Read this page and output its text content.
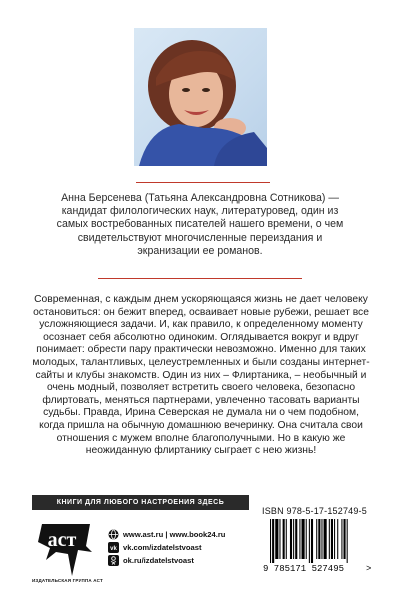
Анна Берсенева (Татьяна Александровна Сотникова) — кандидат филологических наук, литературовед, один из самых востребованных писателей нашего времени, о чем свидетельствуют многочисленные переиздания и экранизации ее романов.
Современная, с каждым днем ускоряющаяся жизнь не дает человеку остановиться: он бежит вперед, осваивает новые рубежи, решает все усложняющиеся задачи. И, как правило, к определенному моменту осознает себя абсолютно одиноким. Оглядывается вокруг и вдруг понимает: обрести пару практически невозможно. Именно для таких молодых, талантливых, целеустремленных и были созданы интернет-сайты и клубы знакомств. Один из них – Флиртаника, – необычный и очень модный, позволяет встретить своего человека, безопасно флиртовать, меняться партнерами, увлеченно тасовать варианты судьбы. Правда, Ирина Северская не думала ни о чем подобном, когда пришла на обычную домашнюю вечеринку. Она считала свои отношения с мужем вполне благополучными. Но в какую же неожиданную флиртанику сыграет с нею жизнь!
КНИГИ ДЛЯ ЛЮБОГО НАСТРОЕНИЯ ЗДЕСЬ
ISBN 978-5-17-152749-5
9 785171 527495 >
аст
ИЗДАТЕЛЬСКАЯ ГРУППА АСТ
www.ast.ru | www.book24.ru
vk vk.com/izdatelstvoast
ok.ru/izdatelstvoast
